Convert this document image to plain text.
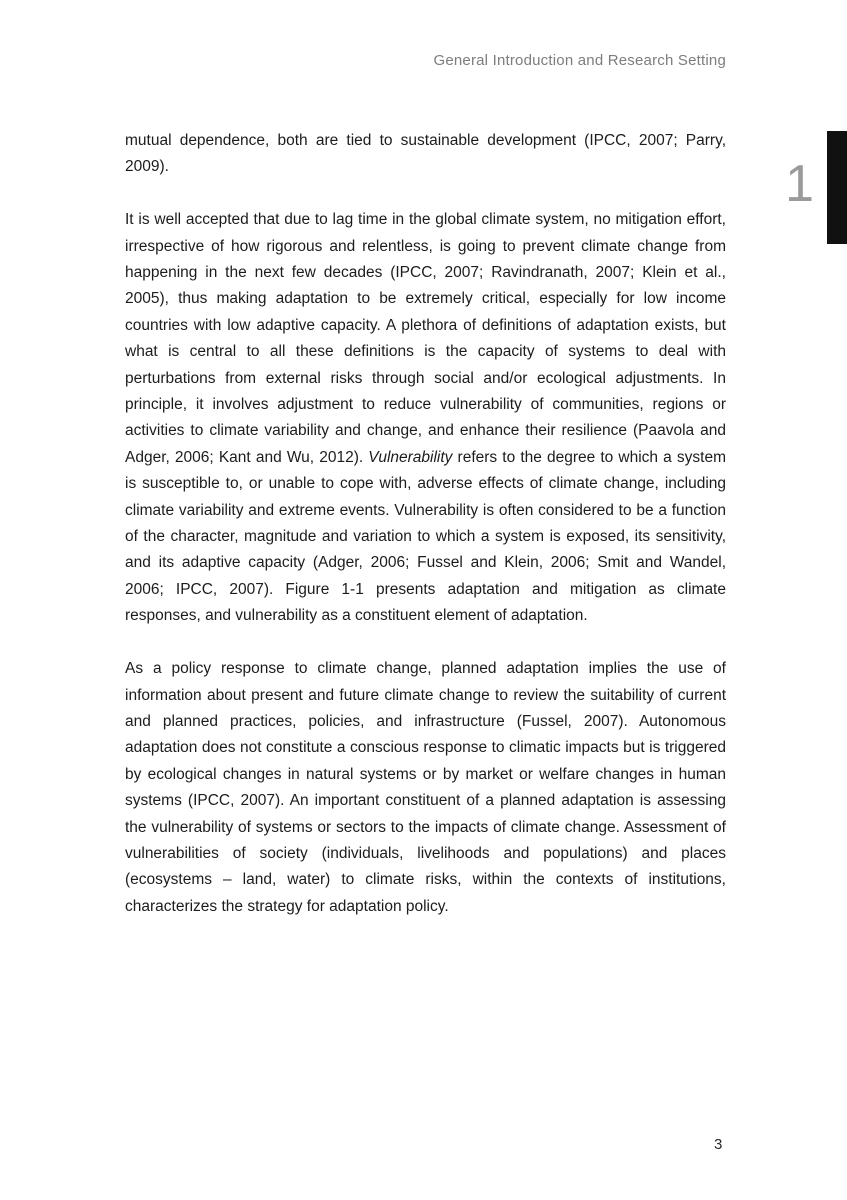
General Introduction and Research Setting
1

mutual dependence, both are tied to sustainable development (IPCC, 2007; Parry, 2009).

It is well accepted that due to lag time in the global climate system, no mitigation effort, irrespective of how rigorous and relentless, is going to prevent climate change from happening in the next few decades (IPCC, 2007; Ravindranath, 2007; Klein et al., 2005), thus making adaptation to be extremely critical, especially for low income countries with low adaptive capacity. A plethora of definitions of adaptation exists, but what is central to all these definitions is the capacity of systems to deal with perturbations from external risks through social and/or ecological adjustments. In principle, it involves adjustment to reduce vulnerability of communities, regions or activities to climate variability and change, and enhance their resilience (Paavola and Adger, 2006; Kant and Wu, 2012). Vulnerability refers to the degree to which a system is susceptible to, or unable to cope with, adverse effects of climate change, including climate variability and extreme events. Vulnerability is often considered to be a function of the character, magnitude and variation to which a system is exposed, its sensitivity, and its adaptive capacity (Adger, 2006; Fussel and Klein, 2006; Smit and Wandel, 2006; IPCC, 2007). Figure 1-1 presents adaptation and mitigation as climate responses, and vulnerability as a constituent element of adaptation.

As a policy response to climate change, planned adaptation implies the use of information about present and future climate change to review the suitability of current and planned practices, policies, and infrastructure (Fussel, 2007). Autonomous adaptation does not constitute a conscious response to climatic impacts but is triggered by ecological changes in natural systems or by market or welfare changes in human systems (IPCC, 2007). An important constituent of a planned adaptation is assessing the vulnerability of systems or sectors to the impacts of climate change. Assessment of vulnerabilities of society (individuals, livelihoods and populations) and places (ecosystems – land, water) to climate risks, within the contexts of institutions, characterizes the strategy for adaptation policy.

3
